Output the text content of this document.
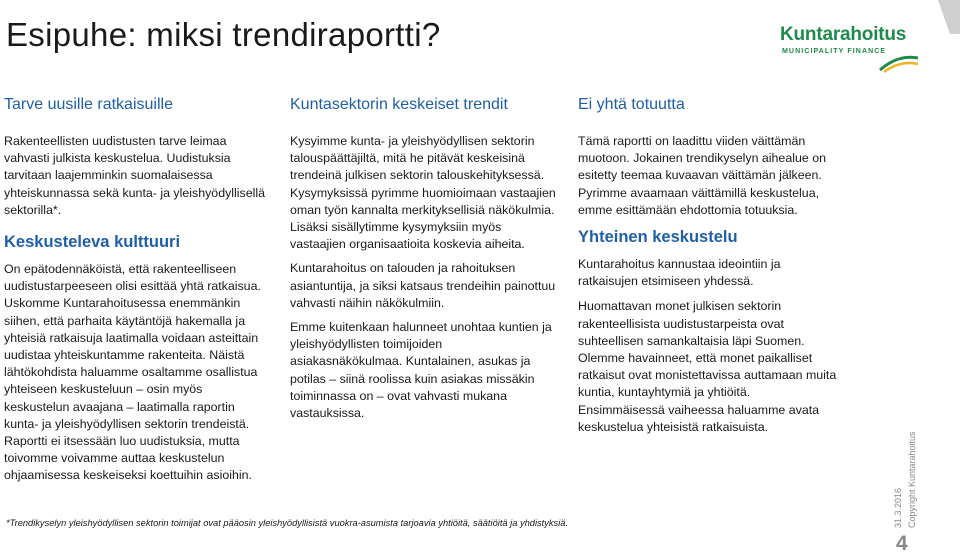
Esipuhe: miksi trendiraportti?	Kuntarahoitus
MUNICIPALITY FINANCE
Tarve uusille ratkaisuille

Rakenteellisten uudistusten tarve leimaa vahvasti julkista keskustelua. Uudistuksia tarvitaan laajemminkin suomalaisessa yhteiskunnassa sekä kunta- ja yleishyödyllisellä sektorilla*.

Keskusteleva kulttuuri

On epätodennäköistä, että rakenteelliseen uudistustarpeeseen olisi esittää yhtä ratkaisua. Uskomme Kuntarahoitusessa enemmänkin siihen, että parhaita käytäntöjä hakemalla ja yhteisiä ratkaisuja laatimalla voidaan asteittain uudistaa yhteiskuntamme rakenteita. Näistä lähtökohdista haluamme osaltamme osallistua yhteiseen keskusteluun – osin myös keskustelun avaajana – laatimalla raportin kunta- ja yleishyödyllisen sektorin trendeistä. Raportti ei itsessään luo uudistuksia, mutta toivomme voivamme auttaa keskustelun ohjaamisessa keskeiseksi koettuihin asioihin.

Kuntasektorin keskeiset trendit

Kysyimme kunta- ja yleishyödyllisen sektorin talouspäättäjiltä, mitä he pitävät keskeisinä trendeinä julkisen sektorin talouskehityksessä. Kysymyksissä pyrimme huomioimaan vastaajien oman työn kannalta merkityksellisiä näkökulmia. Lisäksi sisällytimme kysymyksiin myös vastaajien organisaatioita koskevia aiheita.

Kuntarahoitus on talouden ja rahoituksen asiantuntija, ja siksi katsaus trendeihin painottuu vahvasti näihin näkökulmiin.

Emme kuitenkaan halunneet unohtaa kuntien ja yleishyödyllisten toimijoiden asiakasnäkökulmaa. Kuntalainen, asukas ja potilas – siinä roolissa kuin asiakas missäkin toiminnassa on – ovat vahvasti mukana vastauksissa.

Ei yhtä totuutta

Tämä raportti on laadittu viiden väittämän muotoon. Jokainen trendikyselyn aihealue on esitetty teemaa kuvaavan väittämän jälkeen. Pyrimme avaamaan väittämillä keskustelua, emme esittämään ehdottomia totuuksia.

Yhteinen keskustelu

Kuntarahoitus kannustaa ideointiin ja ratkaisujen etsimiseen yhdessä.

Huomattavan monet julkisen sektorin rakenteellisista uudistustarpeista ovat suhteellisen samankaltaisia läpi Suomen. Olemme havainneet, että monet paikalliset ratkaisut ovat monistettavissa auttamaan muita kuntia, kuntayhtymiä ja yhtiöitä. Ensimmäisessä vaiheessa haluamme avata keskustelua yhteisistä ratkaisuista.

*Trendikyselyn yleishyödyllisen sektorin toimijat ovat pääosin yleishyödyllisistä vuokra-asumista tarjoavia yhtiöitä, säätiöitä ja yhdistyksiä.	Copyright Kuntarahoitus
31.3.2016
4
